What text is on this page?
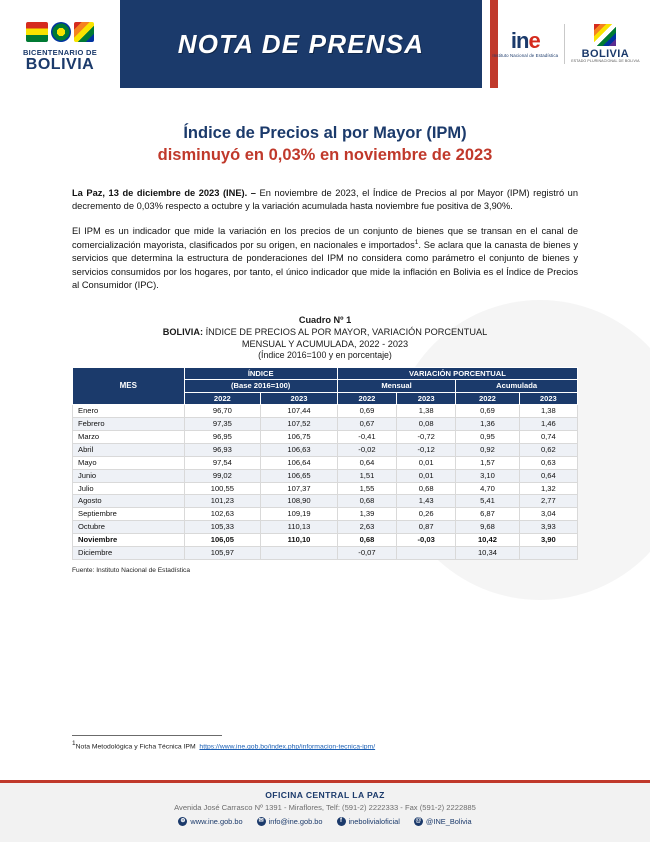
BICENTENARIO DE
BOLIVIA
NOTA DE PRENSA	ine
Instituto Nacional de Estadística	BOLIVIA
ESTADO PLURINACIONAL DE BOLIVIA
Índice de Precios al por Mayor (IPM)
disminuyó en 0,03% en noviembre de 2023
La Paz, 13 de diciembre de 2023 (INE). – En noviembre de 2023, el Índice de Precios al por Mayor (IPM) registró un decremento de 0,03% respecto a octubre y la variación acumulada hasta noviembre fue positiva de 3,90%.
El IPM es un indicador que mide la variación en los precios de un conjunto de bienes que se transan en el canal de comercialización mayorista, clasificados por su origen, en nacionales e importados$^1$. Se aclara que la canasta de bienes y servicios que determina la estructura de ponderaciones del IPM no considera como parámetro el conjunto de bienes y servicios consumidos por los hogares, por tanto, el único indicador que mide la inflación en Bolivia es el Índice de Precios al Consumidor (IPC).
Cuadro Nº 1
BOLIVIA: ÍNDICE DE PRECIOS AL POR MAYOR, VARIACIÓN PORCENTUAL
MENSUAL Y ACUMULADA, 2022 - 2023
(Índice 2016=100 y en porcentaje)
MES	ÍNDICE		VARIACIÓN PORCENTUAL			
	(Base 2016=100)		Mensual		Acumulada	
	2022	2023	2022	2023	2022	2023
Enero	96,70	107,44	0,69	1,38	0,69	1,38
Febrero	97,35	107,52	0,67	0,08	1,36	1,46
Marzo	96,95	106,75	-0,41	-0,72	0,95	0,74
Abril	96,93	106,63	-0,02	-0,12	0,92	0,62
Mayo	97,54	106,64	0,64	0,01	1,57	0,63
Junio	99,02	106,65	1,51	0,01	3,10	0,64
Julio	100,55	107,37	1,55	0,68	4,70	1,32
Agosto	101,23	108,90	0,68	1,43	5,41	2,77
Septiembre	102,63	109,19	1,39	0,26	6,87	3,04
Octubre	105,33	110,13	2,63	0,87	9,68	3,93
Noviembre	106,05	110,10	0,68	-0,03	10,42	3,90
Diciembre	105,97		-0,07		10,34	
Fuente: Instituto Nacional de Estadística
$^1$Nota Metodológica y Ficha Técnica IPM https://www.ine.gob.bo/index.php/informacion-tecnica-ipm/
OFICINA CENTRAL LA PAZ
Avenida José Carrasco Nº 1391 - Miraflores, Telf: (591-2) 2222333 - Fax (591-2) 2222885
⊕ www.ine.gob.bo	✉ info@ine.gob.bo	f inebolivialoficial	@ @INE_Bolivia
